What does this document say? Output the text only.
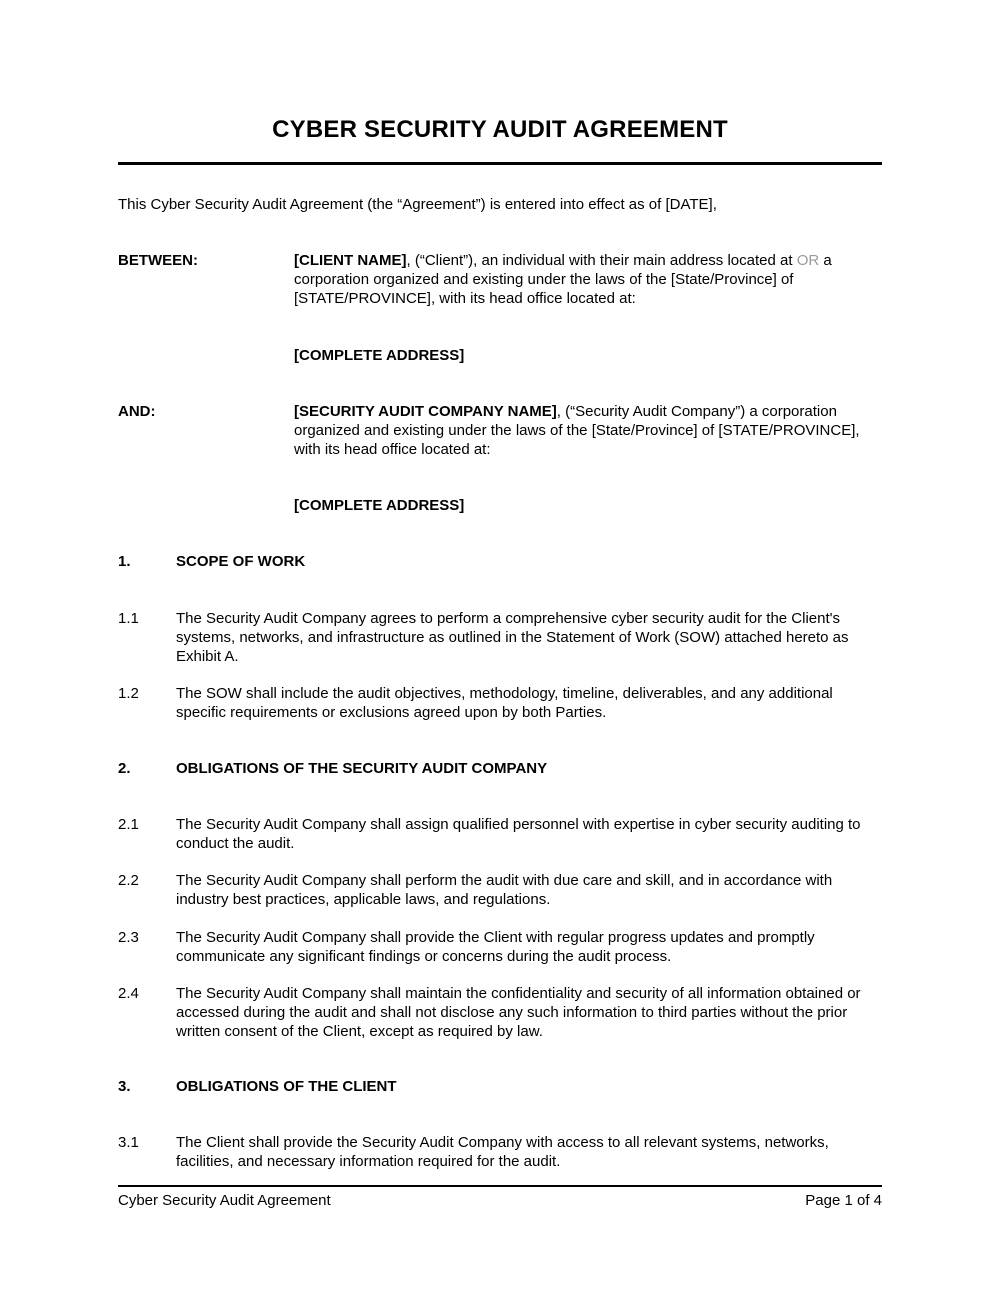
CYBER SECURITY AUDIT AGREEMENT
This Cyber Security Audit Agreement (the “Agreement”) is entered into effect as of [DATE],
BETWEEN:	[CLIENT NAME], (“Client”), an individual with their main address located at OR a corporation organized and existing under the laws of the [State/Province] of [STATE/PROVINCE], with its head office located at:
[COMPLETE ADDRESS]
AND:	[SECURITY AUDIT COMPANY NAME], (“Security Audit Company”) a corporation organized and existing under the laws of the [State/Province] of [STATE/PROVINCE], with its head office located at:
[COMPLETE ADDRESS]
1.	SCOPE OF WORK
1.1 The Security Audit Company agrees to perform a comprehensive cyber security audit for the Client's systems, networks, and infrastructure as outlined in the Statement of Work (SOW) attached hereto as Exhibit A.
1.2 The SOW shall include the audit objectives, methodology, timeline, deliverables, and any additional specific requirements or exclusions agreed upon by both Parties.
2.	OBLIGATIONS OF THE SECURITY AUDIT COMPANY
2.1 The Security Audit Company shall assign qualified personnel with expertise in cyber security auditing to conduct the audit.
2.2 The Security Audit Company shall perform the audit with due care and skill, and in accordance with industry best practices, applicable laws, and regulations.
2.3 The Security Audit Company shall provide the Client with regular progress updates and promptly communicate any significant findings or concerns during the audit process.
2.4 The Security Audit Company shall maintain the confidentiality and security of all information obtained or accessed during the audit and shall not disclose any such information to third parties without the prior written consent of the Client, except as required by law.
3.	OBLIGATIONS OF THE CLIENT
3.1 The Client shall provide the Security Audit Company with access to all relevant systems, networks, facilities, and necessary information required for the audit.
Cyber Security Audit Agreement	Page 1 of 4
